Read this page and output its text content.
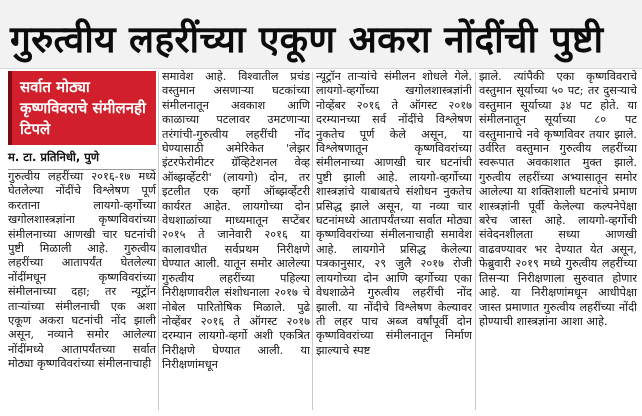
गुरुत्वीय लहरींच्या एकूण अकरा नोंदींची पुष्टी
सर्वात मोठ्या कृष्णविवराचे संमीलनही टिपले
म. टा. प्रतिनिधी, पुणे

गुरुत्वीय लहरींच्या २०१६-१७ मध्ये घेतलेल्या नोंदींचे विश्लेषण पूर्ण करताना लायगो-व्हर्गोच्या खगोलशास्त्रज्ञांना कृष्णविवरांच्या संमीलनाच्या आणखी चार घटनांची पुष्टी मिळाली आहे. गुरुत्वीय लहरींच्या आतापर्यंत घेतलेल्या नोंदींमधून कृष्णविवरांच्या संमीलनाच्या दहा; तर न्यूट्रॉन ताऱ्यांच्या संमीलनाची एक अशा एकूण अकरा घटनांची नोंद झाली असून, नव्याने समोर आलेल्या नोंदींमध्ये आतापर्यंतच्या सर्वात मोठ्या कृष्णविवरांच्या संमीलनाचाही

समावेश आहे. विश्वातील प्रचंड वस्तुमान असणाऱ्या घटकांच्या संमीलनातून अवकाश आणि काळाच्या पटलावर उमटणाऱ्या तरंगांची-गुरुत्वीय लहरींची नोंद घेण्यासाठी अमेरिकेत 'लेझर इंटरफेरोमीटर ग्रॅव्हिटेशनल वेव्ह ऑब्झर्व्हेटरी' (लायगो) दोन, तर इटलीत एक व्हर्गो ऑब्झर्व्हेटरी कार्यरत आहेत. लायगोच्या दोन वेधशाळांच्या माध्यमातून सप्टेंबर २०१५ ते जानेवारी २०१६ या कालावधीत सर्वप्रथम निरीक्षणे घेण्यात आली. यातून समोर आलेल्या गुरुत्वीय लहरींच्या पहिल्या निरीक्षणावरील संशोधनाला २०१७ चे नोबेल पारितोषिक मिळाले. पुढे नोव्हेंबर २०१६ ते ऑगस्ट २०१७ दरम्यान लायगो-व्हर्गो अशी एकत्रित निरीक्षणे घेण्यात आली. या निरीक्षणांमधून

न्यूट्रॉन ताऱ्यांचे संमीलन शोधले गेले. लायगो-व्हर्गोच्या खगोलशास्त्रज्ञांनी नोव्हेंबर २०१६ ते ऑगस्ट २०१७ दरम्यानच्या सर्व नोंदींचे विश्लेषण नुकतेच पूर्ण केले असून, या विश्लेषणातून कृष्णविवरांच्या संमीलनाच्या आणखी चार घटनांची पुष्टी झाली आहे. लायगो-व्हर्गोच्या शास्त्रज्ञांचे याबाबतचे संशोधन नुकतेच प्रसिद्ध झाले असून, या नव्या चार घटनांमध्ये आतापर्यंतच्या सर्वात मोठ्या कृष्णविवरांच्या संमीलनाचाही समावेश आहे. लायगोने प्रसिद्ध केलेल्या पत्रकानुसार, २९ जुलै २०१७ रोजी लायगोच्या दोन आणि व्हर्गोच्या एका वेधशाळेने गुरुत्वीय लहरींची नोंद झाली. या नोंदीचे विश्लेषण केल्यावर ती लहर पाच अब्ज वर्षांपूर्वी दोन कृष्णविवरांच्या संमीलनातून निर्माण झाल्याचे स्पष्ट

झाले. त्यांपैकी एका कृष्णविवराचे वस्तुमान सूर्याच्या ५० पट; तर दुसऱ्याचे वस्तुमान सूर्याच्या ३४ पट होते. या संमीलनातून सूर्याच्या ८० पट वस्तुमानाचे नवे कृष्णविवर तयार झाले. उर्वरित वस्तुमान गुरुत्वीय लहरींच्या स्वरूपात अवकाशात मुक्त झाले. गुरुत्वीय लहरींच्या अभ्यासातून समोर आलेल्या या शक्तिशाली घटनांचे प्रमाण शास्त्रज्ञांनी पूर्वी केलेल्या कल्पनेपेक्षा बरेच जास्त आहे. लायगो-व्हर्गोची संवेदनशीलता सध्या आणखी वाढवण्यावर भर देण्यात येत असून, फेब्रुवारी २०१९ मध्ये गुरुत्वीय लहरींच्या तिसऱ्या निरीक्षणाला सुरुवात होणार आहे. या निरीक्षणांमधून आधीपेक्षा जास्त प्रमाणात गुरुत्वीय लहरींच्या नोंदी होण्याची शास्त्रज्ञांना आशा आहे.
